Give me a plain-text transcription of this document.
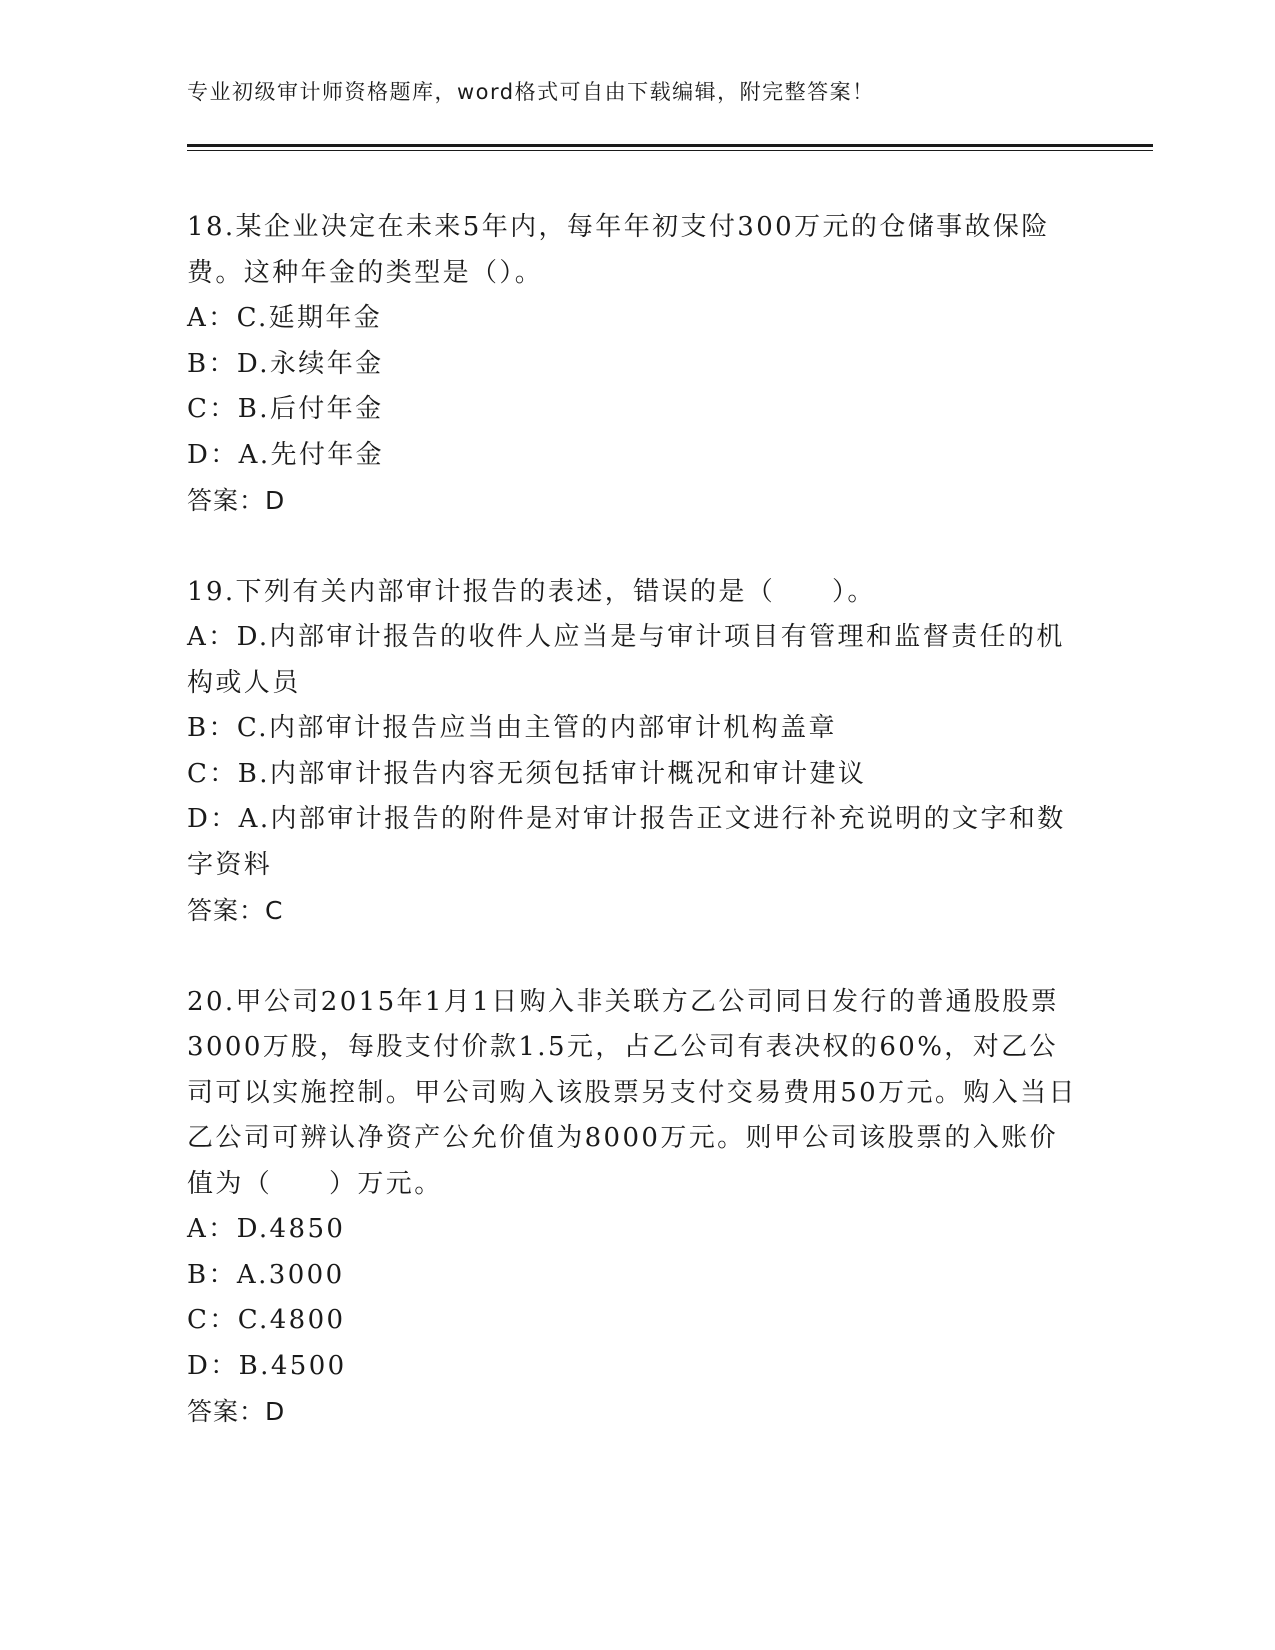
专业初级审计师资格题库，word格式可自由下载编辑，附完整答案！

18.某企业决定在未来5年内，每年年初支付300万元的仓储事故保险费。这种年金的类型是（）。

A：C.延期年金

B：D.永续年金

C：B.后付年金

D：A.先付年金

答案：D

19.下列有关内部审计报告的表述，错误的是（　　）。

A：D.内部审计报告的收件人应当是与审计项目有管理和监督责任的机构或人员

B：C.内部审计报告应当由主管的内部审计机构盖章

C：B.内部审计报告内容无须包括审计概况和审计建议

D：A.内部审计报告的附件是对审计报告正文进行补充说明的文字和数字资料

答案：C

20.甲公司2015年1月1日购入非关联方乙公司同日发行的普通股股票3000万股，每股支付价款1.5元，占乙公司有表决权的60%，对乙公司可以实施控制。甲公司购入该股票另支付交易费用50万元。购入当日乙公司可辨认净资产公允价值为8000万元。则甲公司该股票的入账价值为（　　）万元。

A：D.4850

B：A.3000

C：C.4800

D：B.4500

答案：D
